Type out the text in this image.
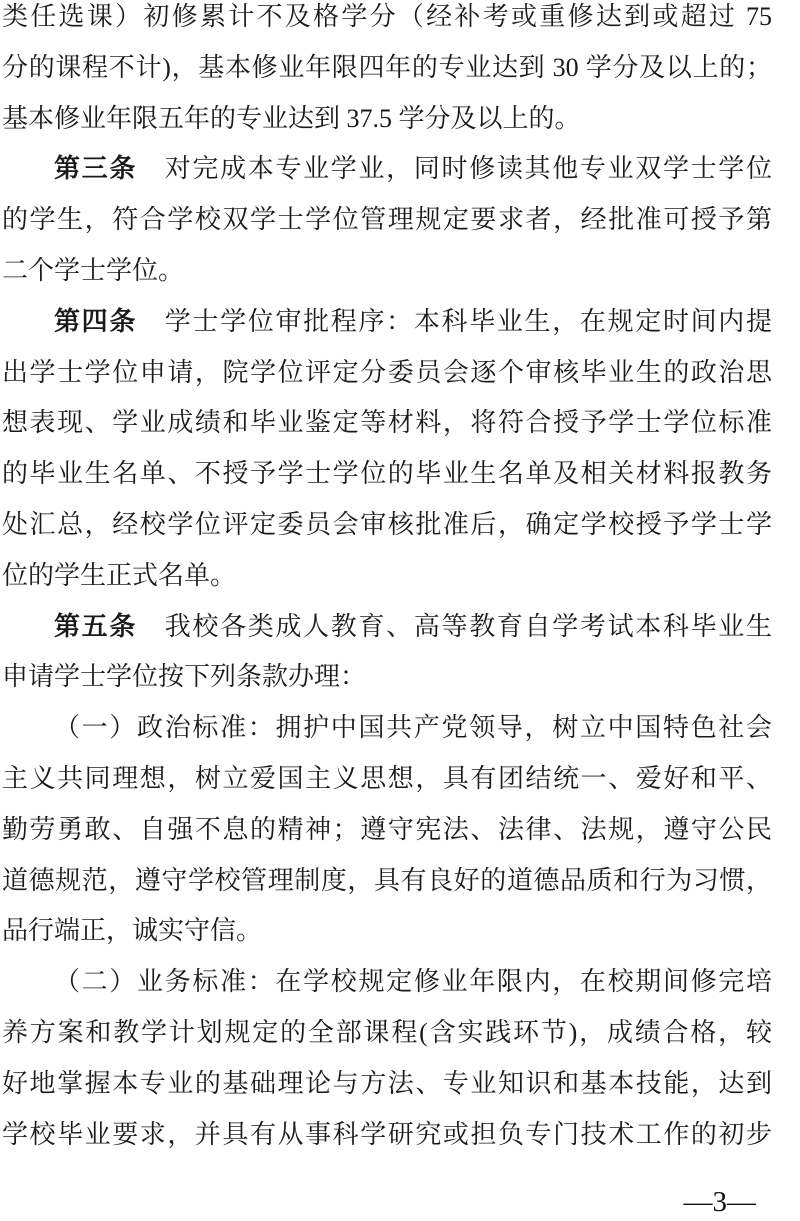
类任选课）初修累计不及格学分（经补考或重修达到或超过 75
分的课程不计)，基本修业年限四年的专业达到 30 学分及以上的；
基本修业年限五年的专业达到 37.5 学分及以上的。
第三条　对完成本专业学业，同时修读其他专业双学士学位
的学生，符合学校双学士学位管理规定要求者，经批准可授予第
二个学士学位。
第四条　学士学位审批程序：本科毕业生，在规定时间内提
出学士学位申请，院学位评定分委员会逐个审核毕业生的政治思
想表现、学业成绩和毕业鉴定等材料，将符合授予学士学位标准
的毕业生名单、不授予学士学位的毕业生名单及相关材料报教务
处汇总，经校学位评定委员会审核批准后，确定学校授予学士学
位的学生正式名单。
第五条　我校各类成人教育、高等教育自学考试本科毕业生
申请学士学位按下列条款办理：
（一）政治标准：拥护中国共产党领导，树立中国特色社会
主义共同理想，树立爱国主义思想，具有团结统一、爱好和平、
勤劳勇敢、自强不息的精神；遵守宪法、法律、法规，遵守公民
道德规范，遵守学校管理制度，具有良好的道德品质和行为习惯，
品行端正，诚实守信。
（二）业务标准：在学校规定修业年限内，在校期间修完培
养方案和教学计划规定的全部课程(含实践环节)，成绩合格，较
好地掌握本专业的基础理论与方法、专业知识和基本技能，达到
学校毕业要求，并具有从事科学研究或担负专门技术工作的初步
—3—
